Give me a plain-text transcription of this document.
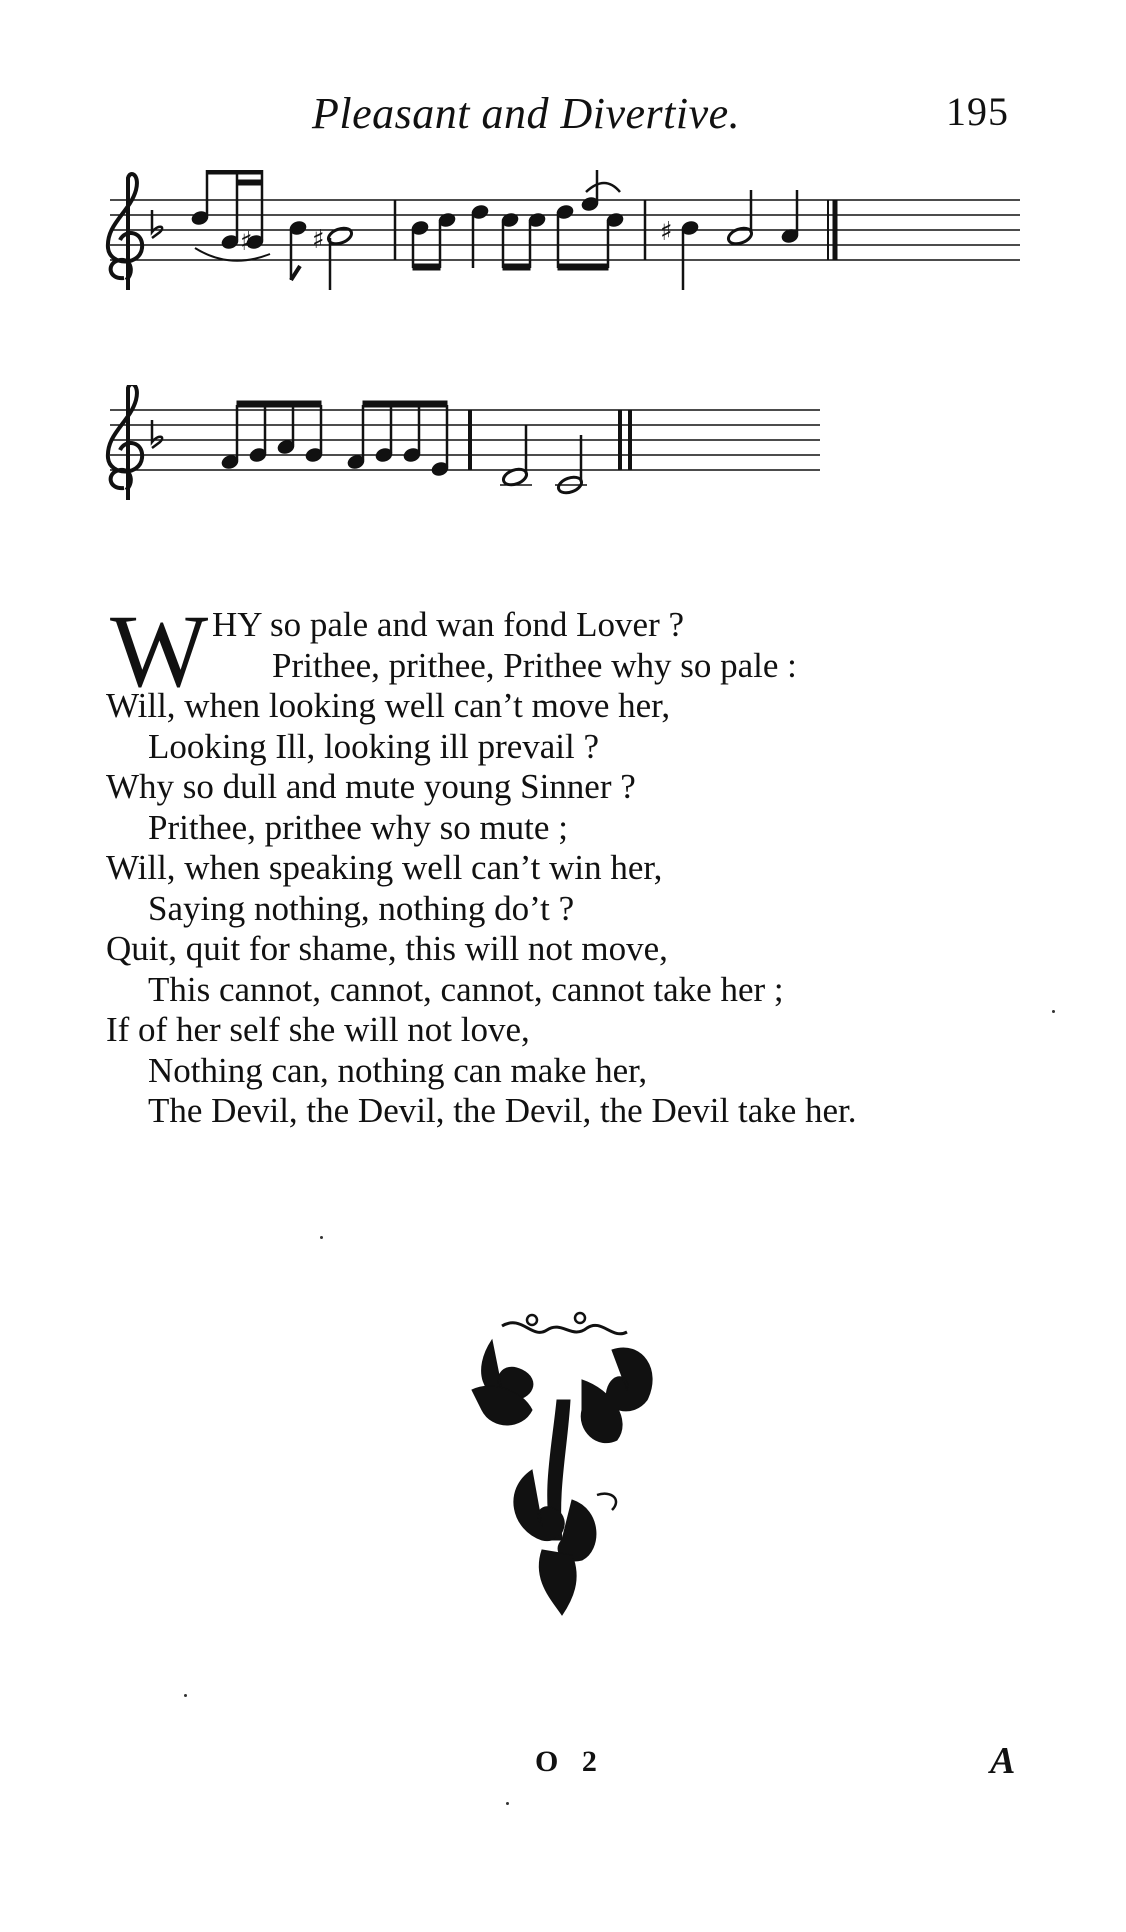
Pleasant and Divertive.	195
♯ ♯	♯
W HY so pale and wan fond Lover ?
Prithee, prithee, Prithee why so pale :
Will, when looking well can’t move her,
Looking Ill, looking ill prevail ?
Why so dull and mute young Sinner ?
Prithee, prithee why so mute ;
Will, when speaking well can’t win her,
Saying nothing, nothing do’t ?
Quit, quit for shame, this will not move,
This cannot, cannot, cannot, cannot take her ;
If of her self she will not love,
Nothing can, nothing can make her,
The Devil, the Devil, the Devil, the Devil take her.
O 2	A
